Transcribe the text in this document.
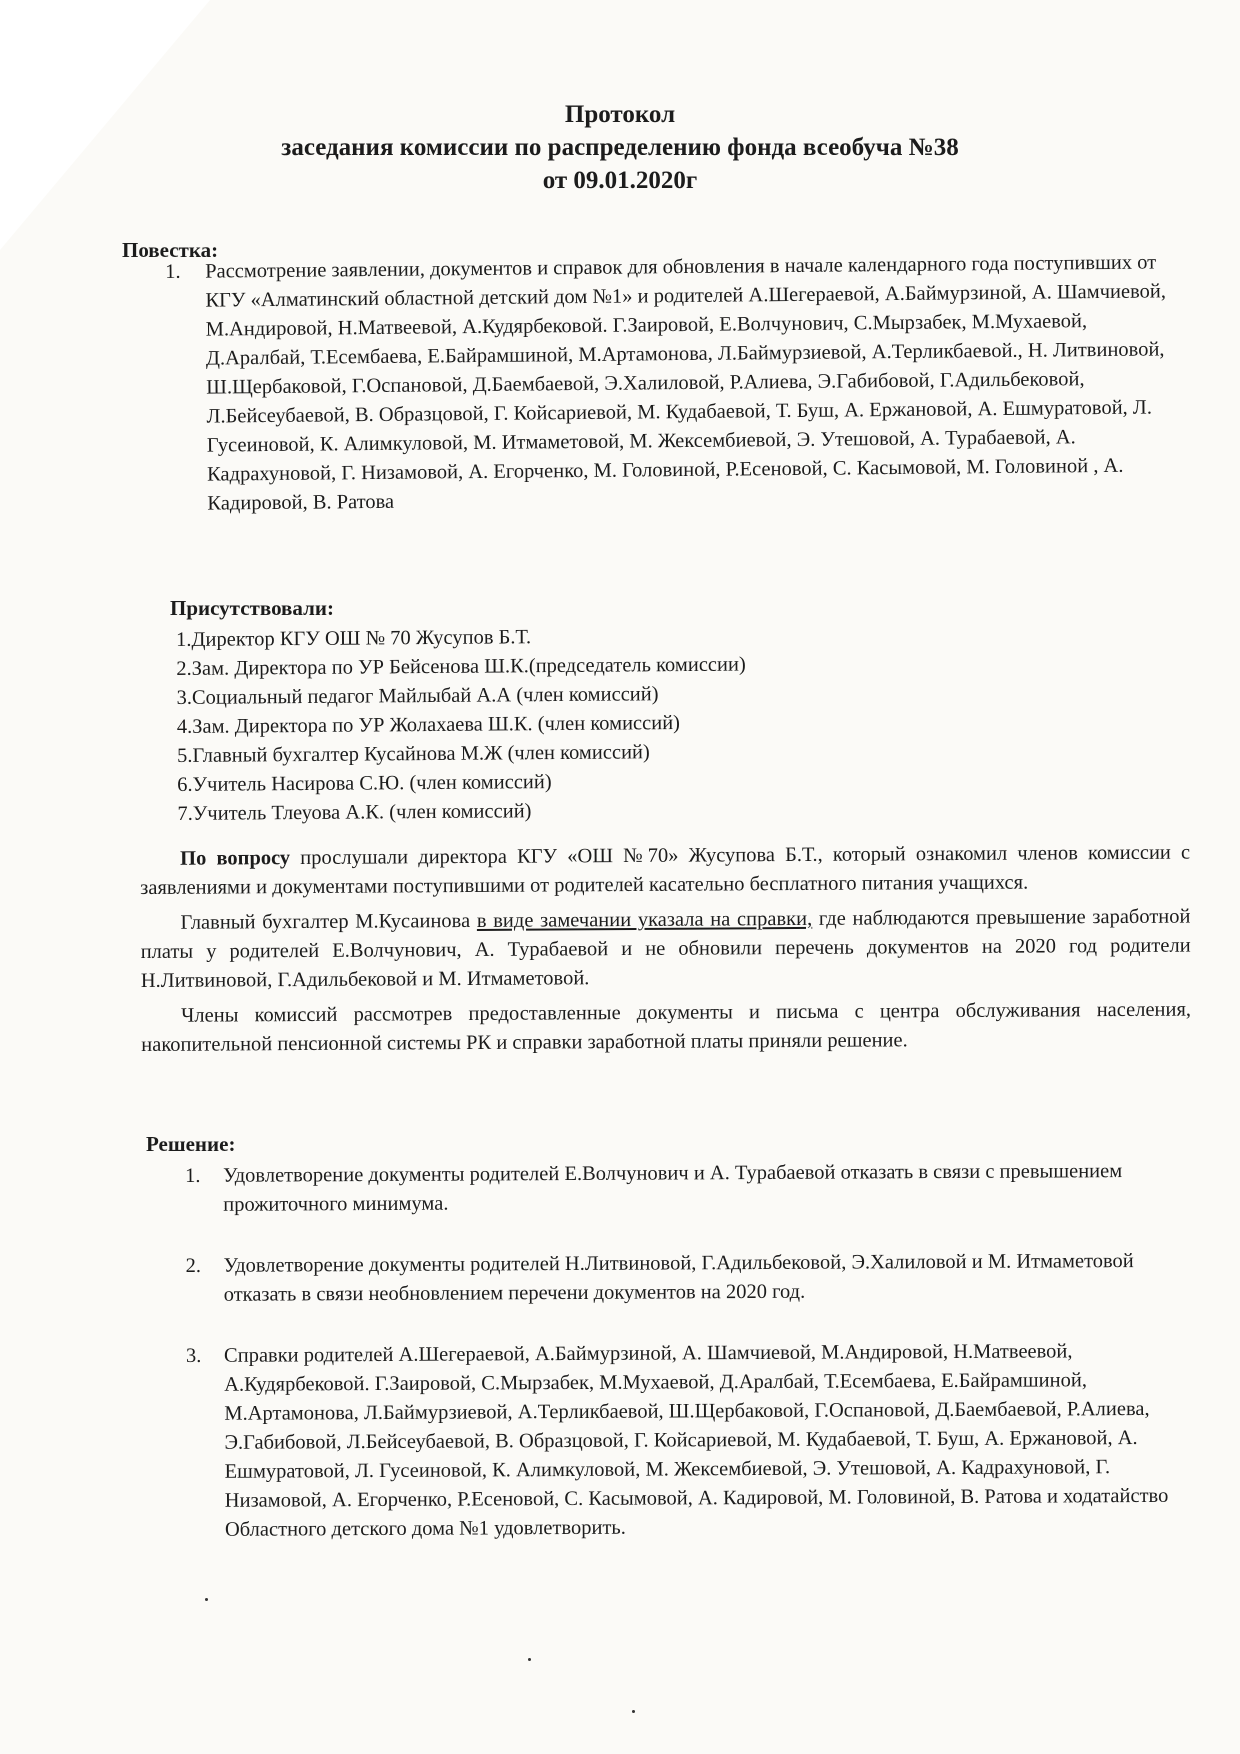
Протокол
заседания комиссии по распределению фонда всеобуча №38
от 09.01.2020г
Повестка:
1. Рассмотрение заявлении, документов и справок для обновления в начале календарного года поступивших от КГУ «Алматинский областной детский дом №1» и родителей А.Шегераевой, А.Баймурзиной, А. Шамчиевой, М.Андировой, Н.Матвеевой, А.Кудярбековой. Г.Заировой, Е.Волчунович, С.Мырзабек, М.Мухаевой, Д.Аралбай, Т.Есембаева, Е.Байрамшиной, М.Артамонова, Л.Баймурзиевой, А.Терликбаевой., Н. Литвиновой, Ш.Щербаковой, Г.Оспановой, Д.Баембаевой, Э.Халиловой, Р.Алиева, Э.Габибовой, Г.Адильбековой, Л.Бейсеубаевой, В. Образцовой, Г. Койсариевой, М. Кудабаевой, Т. Буш, А. Ержановой, А. Ешмуратовой, Л. Гусеиновой, К. Алимкуловой, М. Итмаметовой, М. Жексембиевой, Э. Утешовой, А. Турабаевой, А. Кадрахуновой, Г. Низамовой, А. Егорченко, М. Головиной, Р.Есеновой, С. Касымовой, М. Головиной , А. Кадировой, В. Ратова
Присутствовали:
1.Директор КГУ ОШ № 70 Жусупов Б.Т.
2.Зам. Директора по УР Бейсенова Ш.К.(председатель комиссии)
3.Социальный педагог Майлыбай А.А (член комиссий)
4.Зам. Директора по УР Жолахаева Ш.К. (член комиссий)
5.Главный бухгалтер Кусайнова М.Ж (член комиссий)
6.Учитель Насирова С.Ю. (член комиссий)
7.Учитель Тлеуова А.К. (член комиссий)

По вопросу прослушали директора КГУ «ОШ №70» Жусупова Б.Т., который ознакомил членов комиссии с заявлениями и документами поступившими от родителей касательно бесплатного питания учащихся.

Главный бухгалтер М.Кусаинова в виде замечании указала на справки, где наблюдаются превышение заработной платы у родителей Е.Волчунович, А. Турабаевой и не обновили перечень документов на 2020 год родители Н.Литвиновой, Г.Адильбековой и М. Итмаметовой.

Члены комиссий рассмотрев предоставленные документы и письма с центра обслуживания населения, накопительной пенсионной системы РК и справки заработной платы приняли решение.

Решение:
1. Удовлетворение документы родителей Е.Волчунович и А. Турабаевой отказать в связи с превышением прожиточного минимума.
2. Удовлетворение документы родителей Н.Литвиновой, Г.Адильбековой, Э.Халиловой и М. Итмаметовой отказать в связи необновлением перечени документов на 2020 год.
3. Справки родителей А.Шегераевой, А.Баймурзиной, А. Шамчиевой, М.Андировой, Н.Матвеевой, А.Кудярбековой. Г.Заировой, С.Мырзабек, М.Мухаевой, Д.Аралбай, Т.Есембаева, Е.Байрамшиной, М.Артамонова, Л.Баймурзиевой, А.Терликбаевой, Ш.Щербаковой, Г.Оспановой, Д.Баембаевой, Р.Алиева, Э.Габибовой, Л.Бейсеубаевой, В. Образцовой, Г. Койсариевой, М. Кудабаевой, Т. Буш, А. Ержановой, А. Ешмуратовой, Л. Гусеиновой, К. Алимкуловой, М. Жексембиевой, Э. Утешовой, А. Кадрахуновой, Г. Низамовой, А. Егорченко, Р.Есеновой, С. Касымовой, А. Кадировой, М. Головиной, В. Ратова и ходатайство Областного детского дома №1 удовлетворить.
